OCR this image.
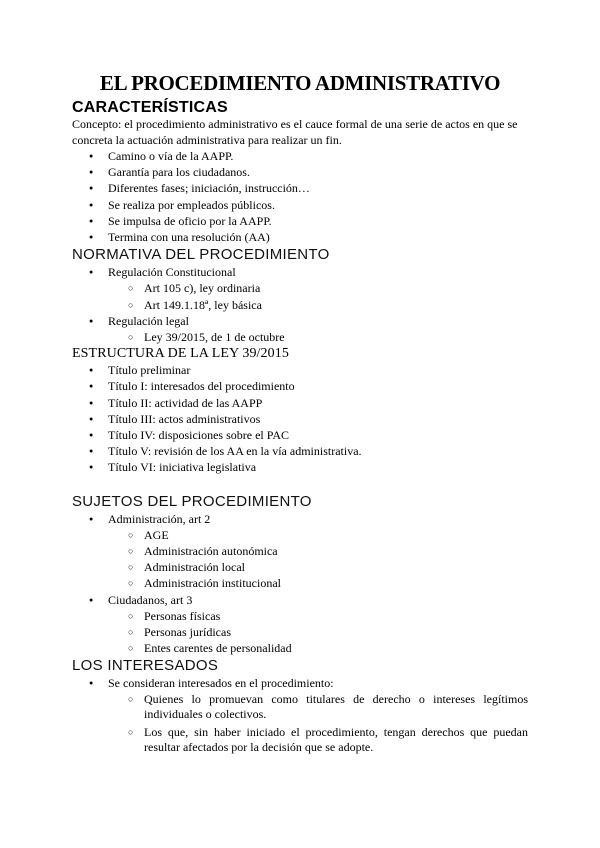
EL PROCEDIMIENTO ADMINISTRATIVO
CARACTERÍSTICAS

Concepto: el procedimiento administrativo es el cauce formal de una serie de actos en que se concreta la actuación administrativa para realizar un fin.

● Camino o vía de la AAPP.
● Garantía para los ciudadanos.
● Diferentes fases; iniciación, instrucción…
● Se realiza por empleados públicos.
● Se impulsa de oficio por la AAPP.
● Termina con una resolución (AA)
NORMATIVA DEL PROCEDIMIENTO
● Regulación Constitucional
○ Art 105 c), ley ordinaria
○ Art 149.1.18ª, ley básica
● Regulación legal
○ Ley 39/2015, de 1 de octubre
ESTRUCTURA DE LA LEY 39/2015
● Título preliminar
● Título I: interesados del procedimiento
● Título II: actividad de las AAPP
● Título III: actos administrativos
● Título IV: disposiciones sobre el PAC
● Título V: revisión de los AA en la vía administrativa.
● Título VI: iniciativa legislativa
SUJETOS DEL PROCEDIMIENTO
● Administración, art 2
○ AGE
○ Administración autonómica
○ Administración local
○ Administración institucional
● Ciudadanos, art 3
○ Personas físicas
○ Personas jurídicas
○ Entes carentes de personalidad
LOS INTERESADOS
● Se consideran interesados en el procedimiento:
○ Quienes lo promuevan como titulares de derecho o intereses legítimos individuales o colectivos.
○ Los que, sin haber iniciado el procedimiento, tengan derechos que puedan resultar afectados por la decisión que se adopte.
